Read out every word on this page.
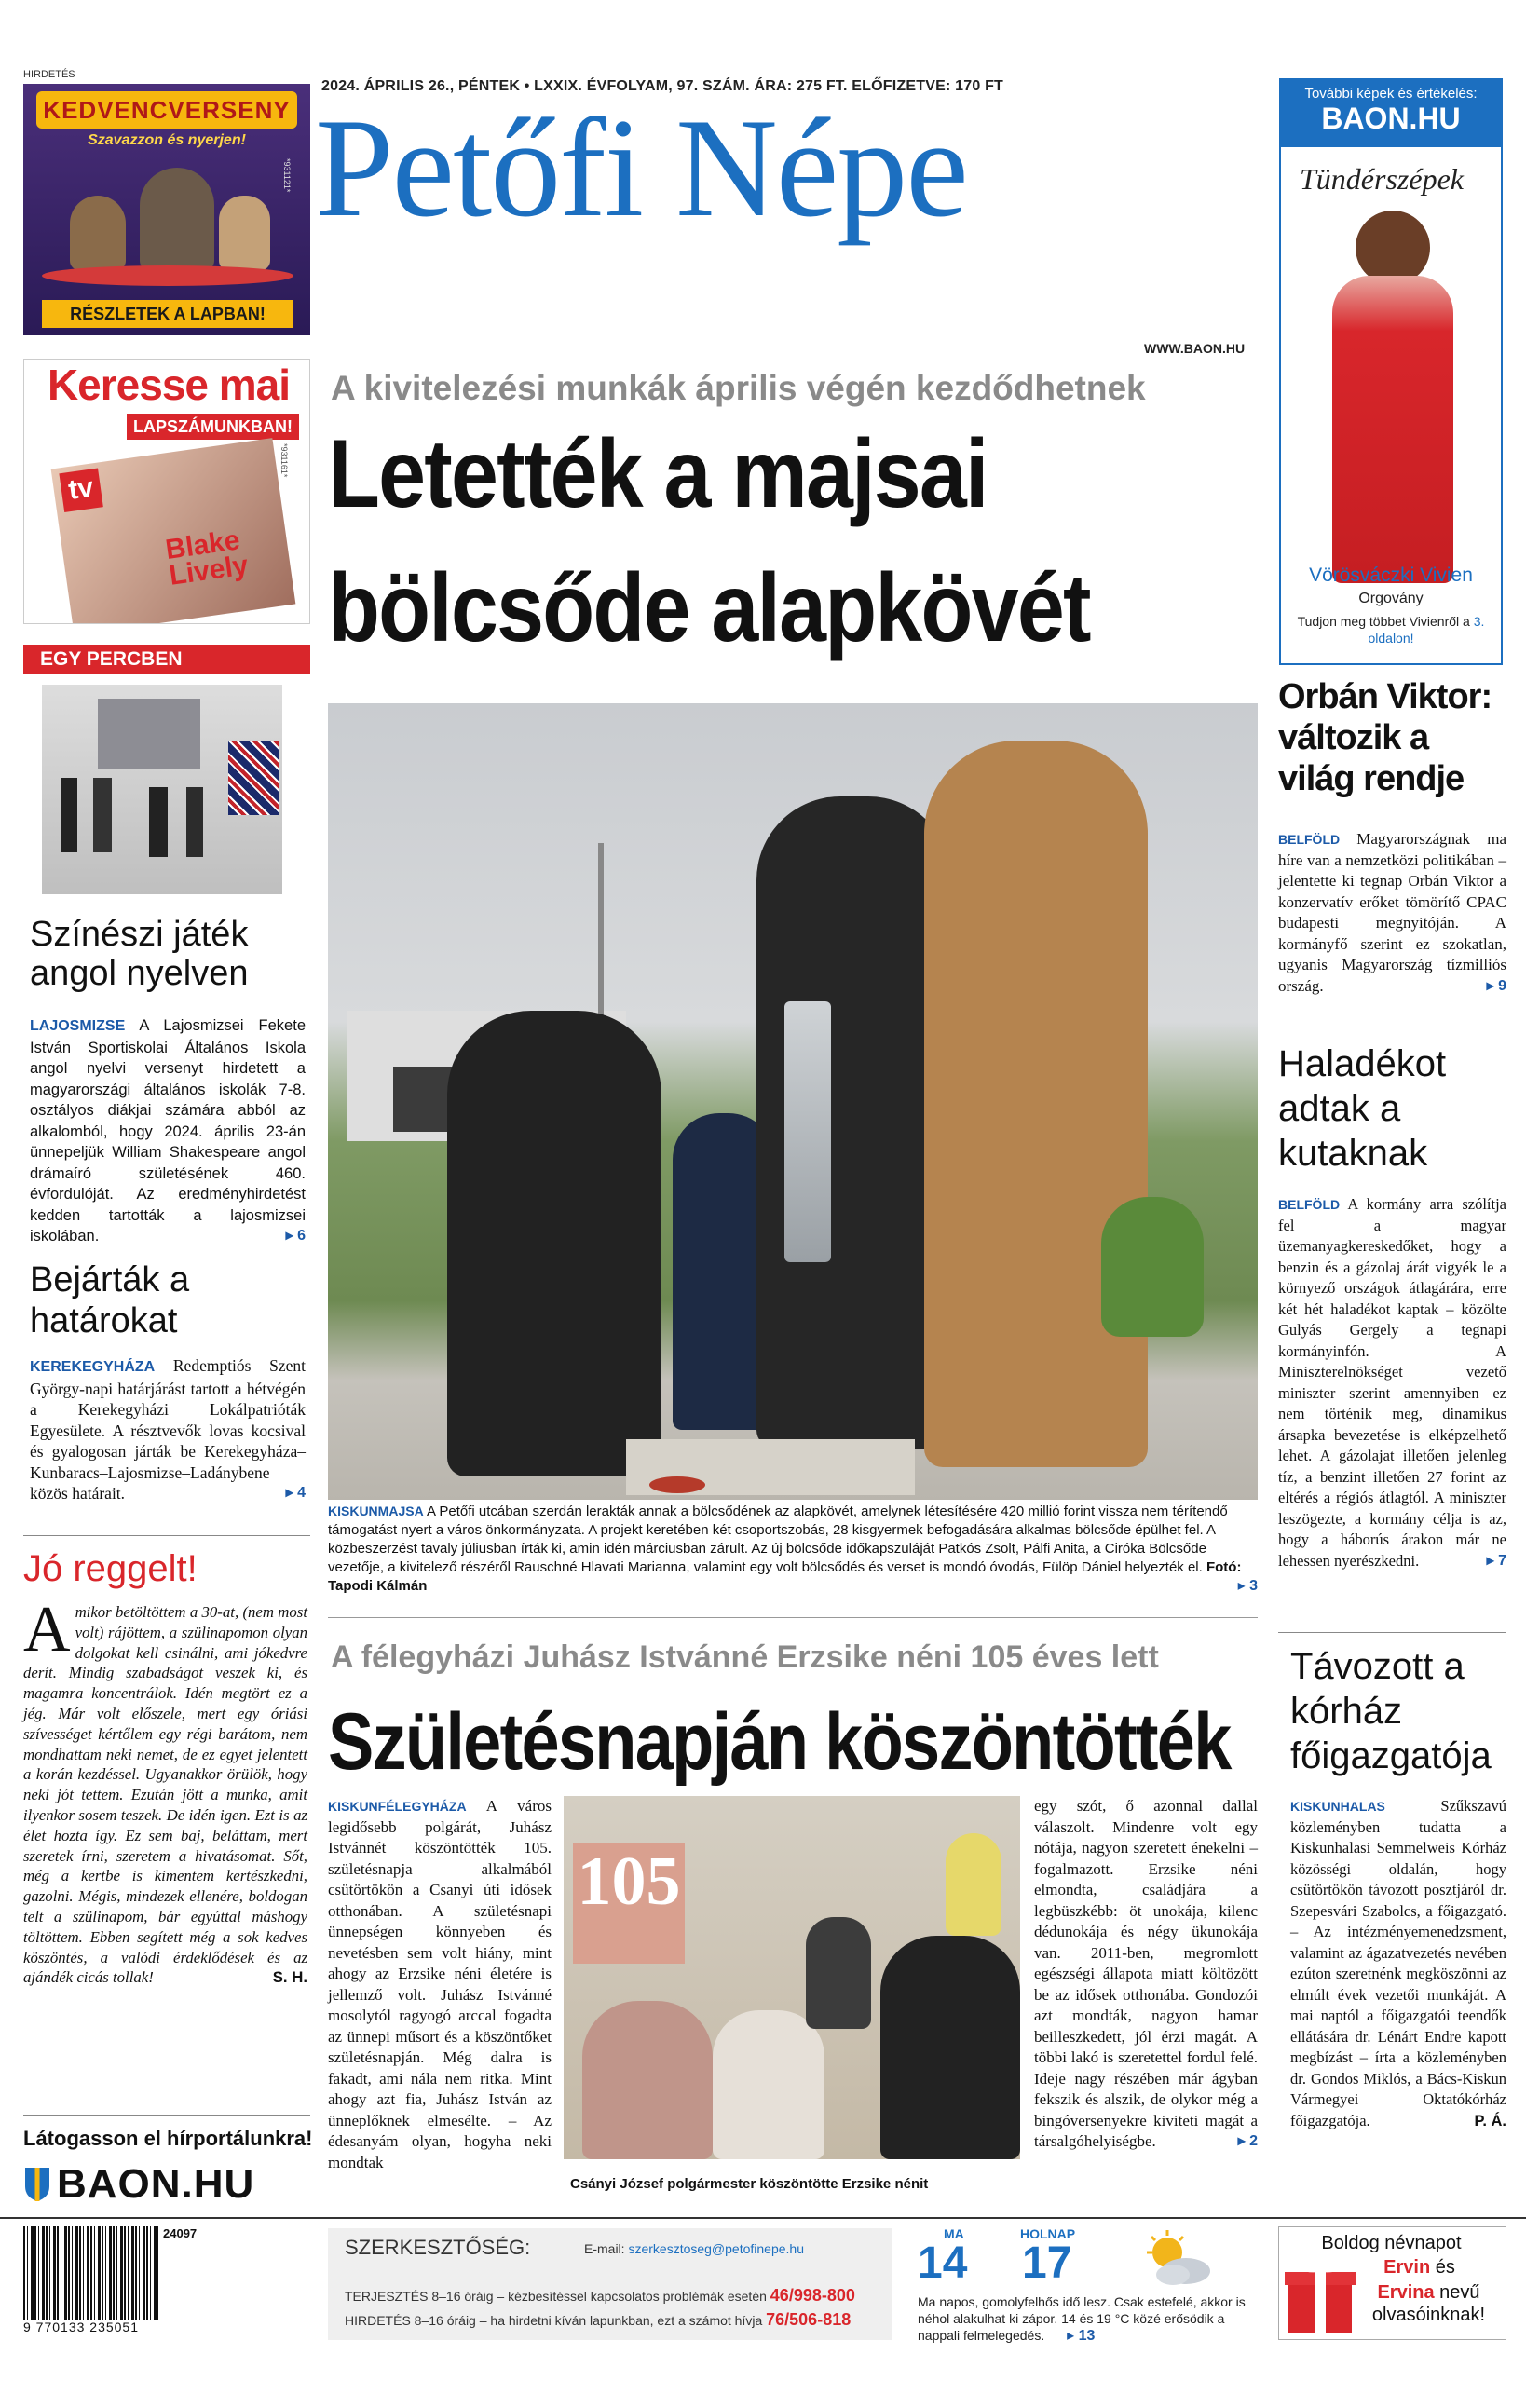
HIRDETÉS
KEDVENCVERSENY
Szavazzon és nyerjen!
*931121*
RÉSZLETEK A LAPBAN!
Keresse mai
LAPSZÁMUNKBAN!
tv
Blake Lively
*931161*
2024. ÁPRILIS 26., PÉNTEK • LXXIX. ÉVFOLYAM, 97. SZÁM. ÁRA: 275 FT. ELŐFIZETVE: 170 FT
Petőfi Népe
WWW.BAON.HU
További képek és értékelés:
BAON.HU
Tündérszépek
Vörösváczki Vivien
Orgovány
Tudjon meg többet Vivienről a 3. oldalon!
A kivitelezési munkák április végén kezdődhetnek
Letették a majsai
bölcsőde alapkövét
KISKUNMAJSA A Petőfi utcában szerdán lerakták annak a bölcsődének az alapkövét, amelynek létesítésére 420 millió forint vissza nem térítendő támogatást nyert a város önkormányzata. A projekt keretében két csoportszobás, 28 kisgyermek befogadására alkalmas bölcsőde épülhet fel. A közbeszerzést tavaly júliusban írták ki, amin idén márciusban zárult. Az új bölcsőde időkapszuláját Patkós Zsolt, Pálfi Anita, a Cirókа Bölcsőde vezetője, a kivitelező részéről Rauschné Hlavati Marianna, valamint egy volt bölcsődés és verset is mondó óvodás, Fülöp Dániel helyezték el. Fotó: Tapodi Kálmán	▸ 3
EGY PERCBEN
Színészi játék angol nyelven
LAJOSMIZSE A Lajosmizsei Fekete István Sportiskolai Általános Iskola angol nyelvi versenyt hirdetett a magyarországi általános iskolák 7-8. osztályos diákjai számára abból az alkalomból, hogy 2024. április 23-án ünnepeljük William Shakespeare angol drámaíró születésének 460. évfordulóját. Az eredményhirdetést kedden tartották a lajosmizsei iskolában.	▸ 6
Bejárták a határokat
KEREKEGYHÁZA Redemptiós Szent György-napi határjárást tartott a hétvégén a Kerekegyházi Lokálpatrióták Egyesülete. A résztvevők lovas kocsival és gyalogosan járták be Kerekegyháza–Kunbaracs–Lajosmizse–Ladánybene közös határait.	▸ 4
Jó reggelt!
A mikor betöltöttem a 30-at, (nem most volt) rájöttem, a szülinapomon olyan dolgokat kell csinálni, ami jókedvre derít. Mindig szabadságot veszek ki, és magamra koncentrálok. Idén megtört ez a jég. Már volt előszele, mert egy óriási szívességet kértőlem egy régi barátom, nem mondhattam neki nemet, de ez egyet jelentett a korán kezdéssel. Ugyanakkor örülök, hogy neki jót tettem. Ezután jött a munka, amit ilyenkor sosem teszek. De idén igen. Ezt is az élet hozta így. Ez sem baj, beláttam, mert szeretek írni, szeretem a hivatásomat. Sőt, még a kertbe is kimentem kertészkedni, gazolni. Mégis, mindezek ellenére, boldogan telt a szülinapom, bár egyúttal máshogy töltöttem. Ebben segített még a sok kedves köszöntés, a valódi érdeklődések és az ajándék cicás tollak!	S. H.
Látogasson el hírportálunkra!
BAON.HU
Orbán Viktor: változik a világ rendje
BELFÖLD Magyarországnak ma híre van a nemzetközi politikában – jelentette ki tegnap Orbán Viktor a konzervatív erőket tömörítő CPAC budapesti megnyitóján. A kormányfő szerint ez szokatlan, ugyanis Magyarország tízmilliós ország.	▸ 9
Haladékot adtak a kutaknak
BELFÖLD A kormány arra szólítja fel a magyar üzemanyagkereskedőket, hogy a benzin és a gázolaj árát vigyék le a környező országok átlagárára, erre két hét haladékot kaptak – közölte Gulyás Gergely a tegnapi kormányinfón. A Miniszterelnökséget vezető miniszter szerint amennyiben ez nem történik meg, dinamikus ársapka bevezetése is elképzelhető lehet. A gázolajat illetően jelenleg tíz, a benzint illetően 27 forint az eltérés a régiós átlagtól. A miniszter leszögezte, a kormány célja is az, hogy a háborús árakon már ne lehessen nyerészkedni.	▸ 7
Távozott a kórház főigazgatója
KISKUNHALAS	Szűkszavú közleményben tudatta a Kiskunhalasi Semmelweis Kórház közösségi oldalán, hogy csütörtökön távozott posztjáról dr. Szepesvári Szabolcs, a főigazgató. – Az intézményemenedzsment, valamint az ágazatvezetés nevében ezúton szeretnénk megköszönni az elmúlt évek vezetői munkáját. A mai naptól a főigazgatói teendők ellátására dr. Lénárt Endre kapott megbízást – írta a közleményben dr. Gondos Miklós, a Bács-Kiskun Vármegyei Oktatókórház főigazgatója.	P. Á.
A félegyházi Juhász Istvánné Erzsike néni 105 éves lett
Születésnapján köszöntötték
KISKUNFÉLEGYHÁZA A város legidősebb polgárát, Juhász Istvánnét köszöntötték 105. születésnapja alkalmából csütörtökön a Csanyi úti idősek otthonában. A születésnapi ünnepségen könnyeben és nevetésben sem volt hiány, mint ahogy az Erzsike néni életére is jellemző volt. Juhász Istvánné mosolytól ragyogó arccal fogadta az ünnepi műsort és a köszöntőket születésnapján. Még dalra is fakadt, ami nála nem ritka. Mint ahogy azt fia, Juhász István az ünneplőknek elmesélte. – Az édesanyám olyan, hogyha neki mondtak
105
Csányi József polgármester köszöntötte Erzsike nénit
egy szót, ő azonnal dallal válaszolt. Mindenre volt egy nótája, nagyon szeretett énekelni – fogalmazott. Erzsike néni elmondta, családjára a legbüszkébb: öt unokája, kilenc dédunokája és négy ükunokája van. 2011-ben, megromlott egészségi állapota miatt költözött be az idősek otthonába. Gondozói azt mondták, nagyon hamar beilleszkedett, jól érzi magát. A többi lakó is szeretettel fordul felé. Ideje nagy részében már ágyban fekszik és alszik, de olykor még a bingóversenyekre kiviteti magát a társalgóhelyiségbe.	▸ 2
24097
9 770133 235051
SZERKESZTŐSÉG:	E-mail: szerkesztoseg@petofinepe.hu
TERJESZTÉS 8–16 óráig – kézbesítéssel kapcsolatos problémák esetén 46/998-800
HIRDETÉS 8–16 óráig – ha hirdetni kíván lapunkban, ezt a számot hívja 76/506-818
MA
14
HOLNAP
17
Ma napos, gomolyfelhős idő lesz. Csak estefelé, akkor is néhol alakulhat ki zápor. 14 és 19 °C közé erősödik a nappali felmelegedés. ▸ 13
Boldog névnapot
Ervin és
Ervina nevű olvasóinknak!
